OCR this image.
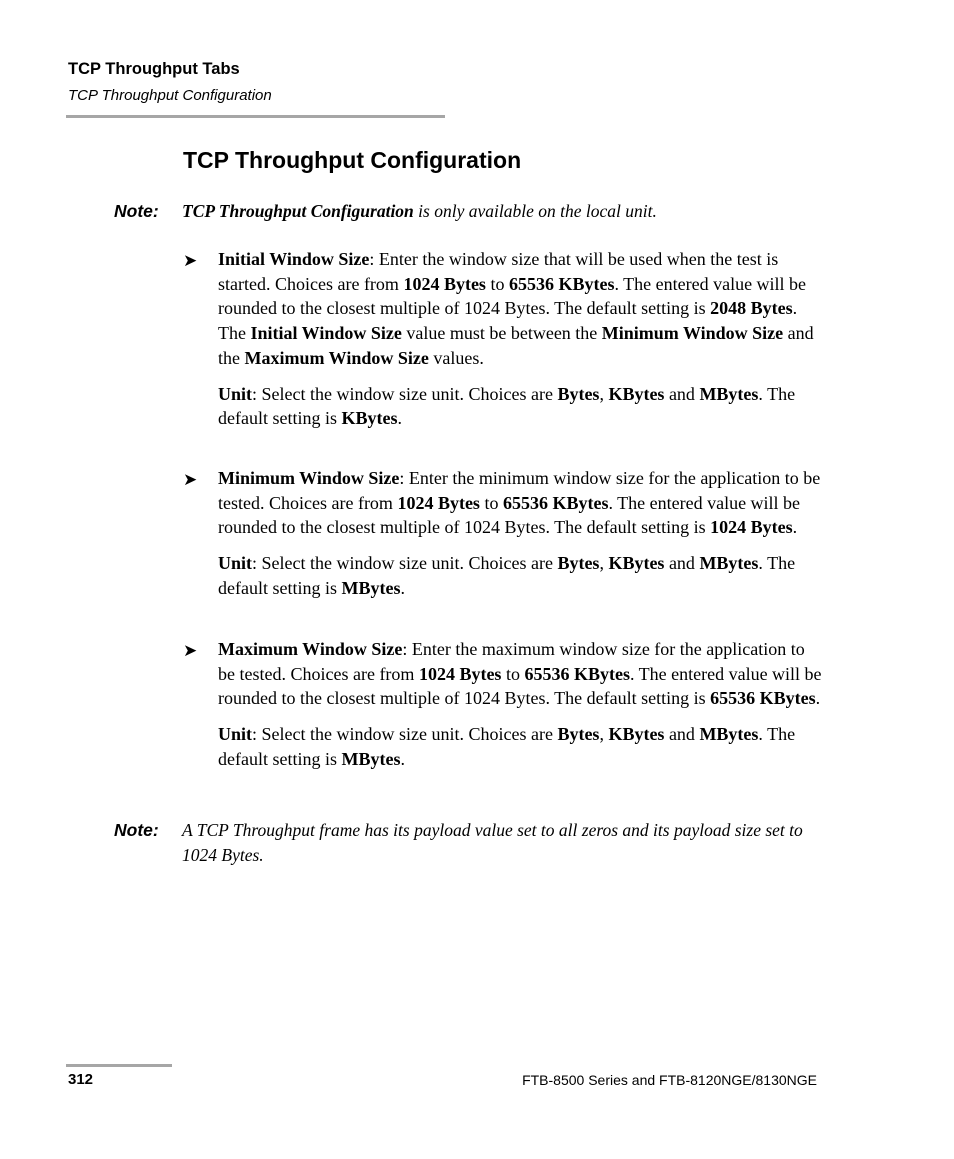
TCP Throughput Tabs
TCP Throughput Configuration
TCP Throughput Configuration
Note: TCP Throughput Configuration is only available on the local unit.
➤ Initial Window Size: Enter the window size that will be used when the test is started. Choices are from 1024 Bytes to 65536 KBytes. The entered value will be rounded to the closest multiple of 1024 Bytes. The default setting is 2048 Bytes. The Initial Window Size value must be between the Minimum Window Size and the Maximum Window Size values.
Unit: Select the window size unit. Choices are Bytes, KBytes and MBytes. The default setting is KBytes.
➤ Minimum Window Size: Enter the minimum window size for the application to be tested. Choices are from 1024 Bytes to 65536 KBytes. The entered value will be rounded to the closest multiple of 1024 Bytes. The default setting is 1024 Bytes.
Unit: Select the window size unit. Choices are Bytes, KBytes and MBytes. The default setting is MBytes.
➤ Maximum Window Size: Enter the maximum window size for the application to be tested. Choices are from 1024 Bytes to 65536 KBytes. The entered value will be rounded to the closest multiple of 1024 Bytes. The default setting is 65536 KBytes.
Unit: Select the window size unit. Choices are Bytes, KBytes and MBytes. The default setting is MBytes.
Note: A TCP Throughput frame has its payload value set to all zeros and its payload size set to 1024 Bytes.
312	FTB-8500 Series and FTB-8120NGE/8130NGE
